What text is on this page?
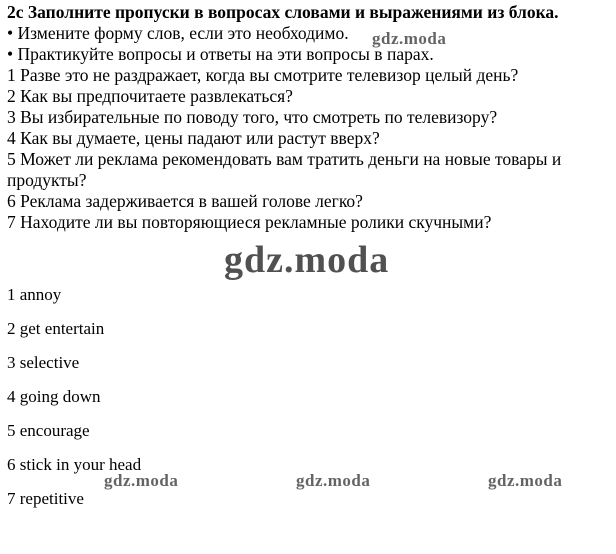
2c Заполните пропуски в вопросах словами и выражениями из блока.
• Измените форму слов, если это необходимо.
• Практикуйте вопросы и ответы на эти вопросы в парах.
1 Разве это не раздражает, когда вы смотрите телевизор целый день?
2 Как вы предпочитаете развлекаться?
3 Вы избирательные по поводу того, что смотреть по телевизору?
4 Как вы думаете, цены падают или растут вверх?
5 Может ли реклама рекомендовать вам тратить деньги на новые товары и продукты?
6 Реклама задерживается в вашей голове легко?
7 Находите ли вы повторяющиеся рекламные ролики скучными?
1 annoy
2 get entertain
3 selective
4 going down
5 encourage
6 stick in your head
7 repetitive
gdz.moda
gdz.moda
gdz.moda	gdz.moda	gdz.moda
